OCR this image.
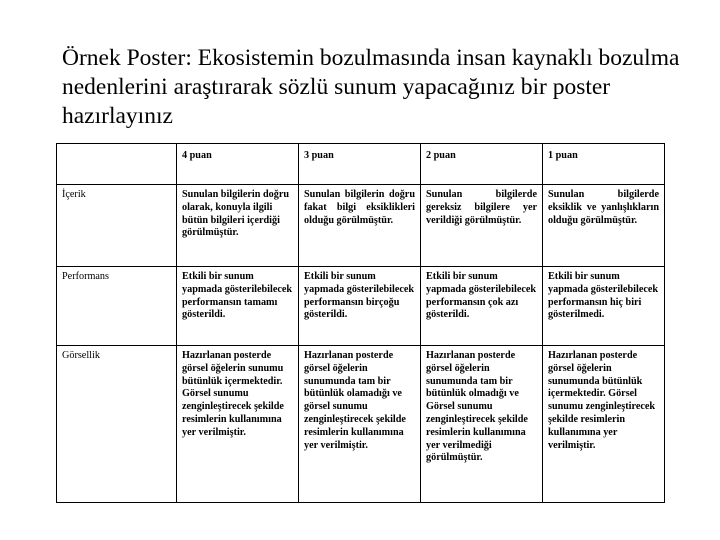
Örnek Poster: Ekosistemin bozulmasında insan kaynaklı bozulma nedenlerini araştırarak sözlü sunum yapacağınız bir poster hazırlayınız
	4 puan	3 puan	2 puan	1 puan
İçerik	Sunulan bilgilerin doğru olarak, konuyla ilgili bütün bilgileri içerdiği görülmüştür.	Sunulan bilgilerin doğru fakat bilgi eksiklikleri olduğu görülmüştür.	Sunulan bilgilerde gereksiz bilgilere yer verildiği görülmüştür.	Sunulan bilgilerde eksiklik ve yanlışlıkların olduğu görülmüştür.
Performans	Etkili bir sunum yapmada gösterilebilecek performansın tamamı gösterildi.	Etkili bir sunum yapmada gösterilebilecek performansın birçoğu gösterildi.	Etkili bir sunum yapmada gösterilebilecek performansın çok azı gösterildi.	Etkili bir sunum yapmada gösterilebilecek performansın hiç biri gösterilmedi.
Görsellik	Hazırlanan posterde görsel öğelerin sunumu bütünlük içermektedir. Görsel sunumu zenginleştirecek şekilde resimlerin kullanımına yer verilmiştir.	Hazırlanan posterde görsel öğelerin sunumunda tam bir bütünlük olamadığı ve görsel sunumu zenginleştirecek şekilde resimlerin kullanımına yer verilmiştir.	Hazırlanan posterde görsel öğelerin sunumunda tam bir bütünlük olmadığı ve Görsel sunumu zenginleştirecek şekilde resimlerin kullanımına yer verilmediği görülmüştür.	Hazırlanan posterde görsel öğelerin sunumunda bütünlük içermektedir. Görsel sunumu zenginleştirecek şekilde resimlerin kullanımına yer verilmiştir.
